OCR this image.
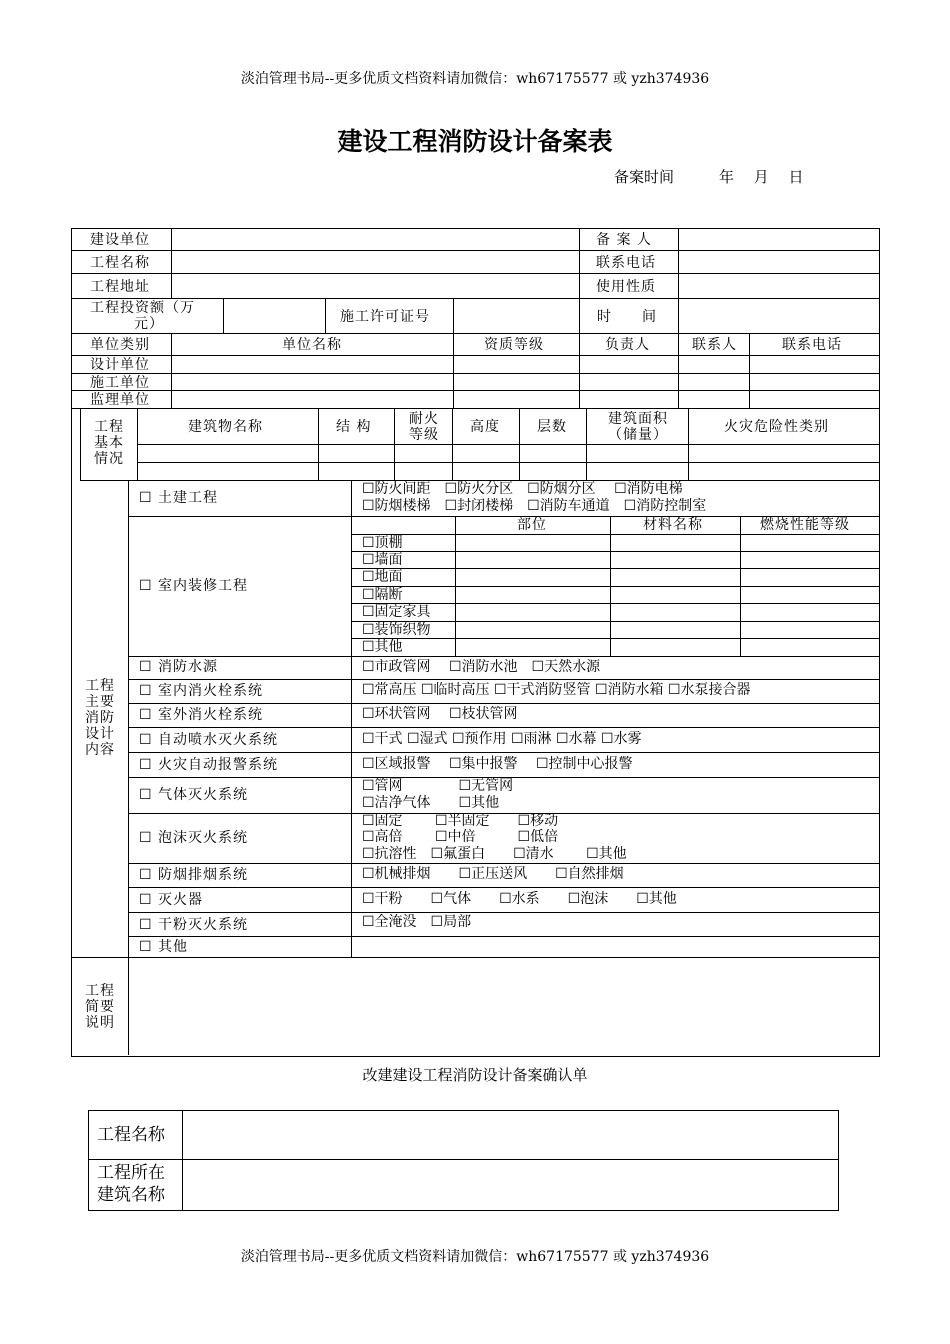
淡泊管理书局--更多优质文档资料请加微信：wh67175577 或 yzh374936
建设工程消防设计备案表
备案时间　　　年　 月　 日
建设单位	备 案 人
工程名称	联系电话
工程地址	使用性质
工程投资额（万
元）	施工许可证号	时　　间
单位类别	单位名称	资质等级	负责人	联系人	联系电话
设计单位
施工单位
监理单位
工程
基本
情况
建筑物名称	结 构	耐火
等级	高度	层数	建筑面积
（储量）	火灾危险性类别
工程
主要
消防
设计
内容
☐ 土建工程
☐防火间距　☐防火分区　☐防烟分区　 ☐消防电梯
☐防烟楼梯　☐封闭楼梯　☐消防车通道　☐消防控制室
☐ 室内装修工程
部位	材料名称	燃烧性能等级
☐顶棚
☐墙面
☐地面
☐隔断
☐固定家具
☐装饰织物
☐其他
☐ 消防水源	☐市政管网　 ☐消防水池　☐天然水源
☐ 室内消火栓系统	☐常高压 ☐临时高压 ☐干式消防竖管 ☐消防水箱 ☐水泵接合器
☐ 室外消火栓系统	☐环状管网　 ☐枝状管网
☐ 自动喷水灭火系统	☐干式 ☐湿式 ☐预作用 ☐雨淋 ☐水幕 ☐水雾
☐ 火灾自动报警系统	☐区域报警　 ☐集中报警　 ☐控制中心报警
☐ 气体灭火系统
☐管网　　　　☐无管网
☐洁净气体　　☐其他
☐ 泡沫灭火系统
☐固定　　 ☐半固定　　☐移动
☐高倍　　 ☐中倍　　　☐低倍
☐抗溶性　☐氟蛋白　　☐清水　　 ☐其他
☐ 防烟排烟系统	☐机械排烟　　☐正压送风　　☐自然排烟
☐ 灭火器	☐干粉　　☐气体　　☐水系　　☐泡沫　　☐其他
☐ 干粉灭火系统	☐全淹没　☐局部
☐ 其他
工程
简要
说明
改建建设工程消防设计备案确认单
工程名称
工程所在
建筑名称
淡泊管理书局--更多优质文档资料请加微信：wh67175577 或 yzh374936
